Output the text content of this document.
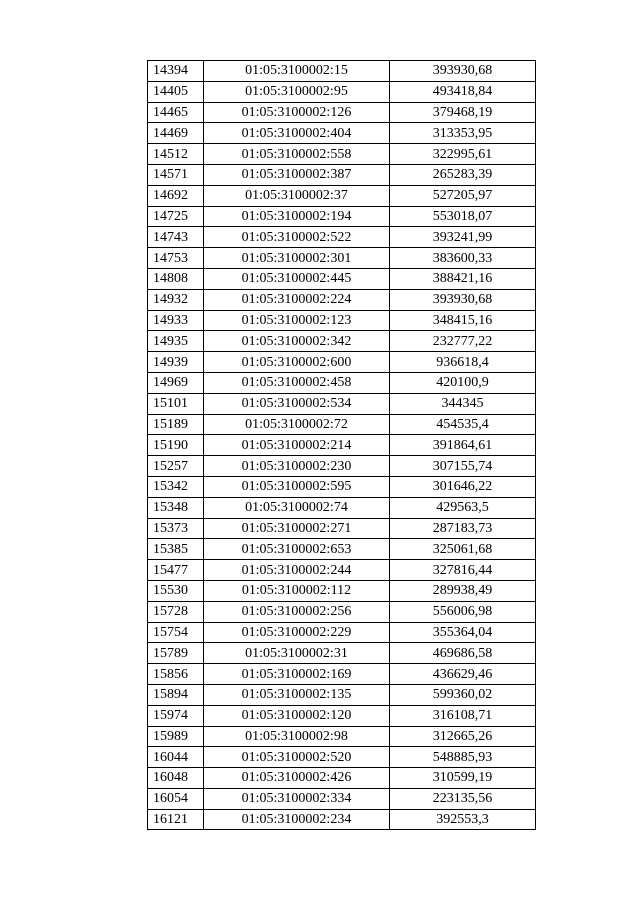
14394	01:05:3100002:15	393930,68
14405	01:05:3100002:95	493418,84
14465	01:05:3100002:126	379468,19
14469	01:05:3100002:404	313353,95
14512	01:05:3100002:558	322995,61
14571	01:05:3100002:387	265283,39
14692	01:05:3100002:37	527205,97
14725	01:05:3100002:194	553018,07
14743	01:05:3100002:522	393241,99
14753	01:05:3100002:301	383600,33
14808	01:05:3100002:445	388421,16
14932	01:05:3100002:224	393930,68
14933	01:05:3100002:123	348415,16
14935	01:05:3100002:342	232777,22
14939	01:05:3100002:600	936618,4
14969	01:05:3100002:458	420100,9
15101	01:05:3100002:534	344345
15189	01:05:3100002:72	454535,4
15190	01:05:3100002:214	391864,61
15257	01:05:3100002:230	307155,74
15342	01:05:3100002:595	301646,22
15348	01:05:3100002:74	429563,5
15373	01:05:3100002:271	287183,73
15385	01:05:3100002:653	325061,68
15477	01:05:3100002:244	327816,44
15530	01:05:3100002:112	289938,49
15728	01:05:3100002:256	556006,98
15754	01:05:3100002:229	355364,04
15789	01:05:3100002:31	469686,58
15856	01:05:3100002:169	436629,46
15894	01:05:3100002:135	599360,02
15974	01:05:3100002:120	316108,71
15989	01:05:3100002:98	312665,26
16044	01:05:3100002:520	548885,93
16048	01:05:3100002:426	310599,19
16054	01:05:3100002:334	223135,56
16121	01:05:3100002:234	392553,3
